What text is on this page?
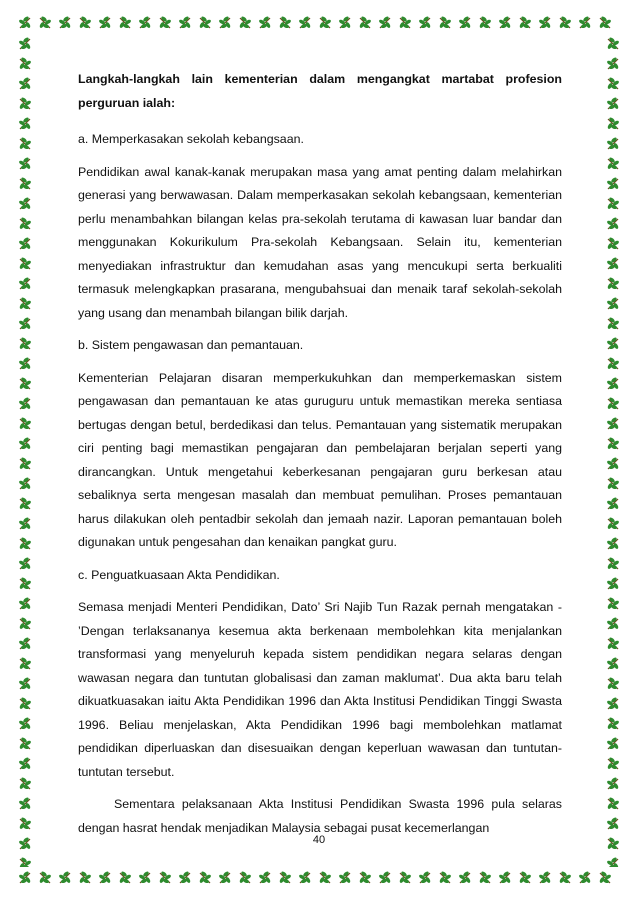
Langkah-langkah lain kementerian dalam mengangkat martabat profesion perguruan ialah:

a. Memperkasakan sekolah kebangsaan.

Pendidikan awal kanak-kanak merupakan masa yang amat penting dalam melahirkan generasi yang berwawasan. Dalam memperkasakan sekolah kebangsaan, kementerian perlu menambahkan bilangan kelas pra-sekolah terutama di kawasan luar bandar dan menggunakan Kokurikulum Pra-sekolah Kebangsaan. Selain itu, kementerian menyediakan infrastruktur dan kemudahan asas yang mencukupi serta berkualiti termasuk melengkapkan prasarana, mengubahsuai dan menaik taraf sekolah-sekolah yang usang dan menambah bilangan bilik darjah.

b. Sistem pengawasan dan pemantauan.

Kementerian Pelajaran disaran memperkukuhkan dan memperkemaskan sistem pengawasan dan pemantauan ke atas guruguru untuk memastikan mereka sentiasa bertugas dengan betul, berdedikasi dan telus. Pemantauan yang sistematik merupakan ciri penting bagi memastikan pengajaran dan pembelajaran berjalan seperti yang dirancangkan. Untuk mengetahui keberkesanan pengajaran guru berkesan atau sebaliknya serta mengesan masalah dan membuat pemulihan. Proses pemantauan harus dilakukan oleh pentadbir sekolah dan jemaah nazir. Laporan pemantauan boleh digunakan untuk pengesahan dan kenaikan pangkat guru.

c. Penguatkuasaan Akta Pendidikan.

Semasa menjadi Menteri Pendidikan, Dato’ Sri Najib Tun Razak pernah mengatakan - ’Dengan terlaksananya kesemua akta berkenaan membolehkan kita menjalankan transformasi yang menyeluruh kepada sistem pendidikan negara selaras dengan wawasan negara dan tuntutan globalisasi dan zaman maklumat’. Dua akta baru telah dikuatkuasakan iaitu Akta Pendidikan 1996 dan Akta Institusi Pendidikan Tinggi Swasta 1996. Beliau menjelaskan, Akta Pendidikan 1996 bagi membolehkan matlamat pendidikan diperluaskan dan disesuaikan dengan keperluan wawasan dan tuntutan-tuntutan tersebut.

Sementara pelaksanaan Akta Institusi Pendidikan Swasta 1996 pula selaras dengan hasrat hendak menjadikan Malaysia sebagai pusat kecemerlangan

40
